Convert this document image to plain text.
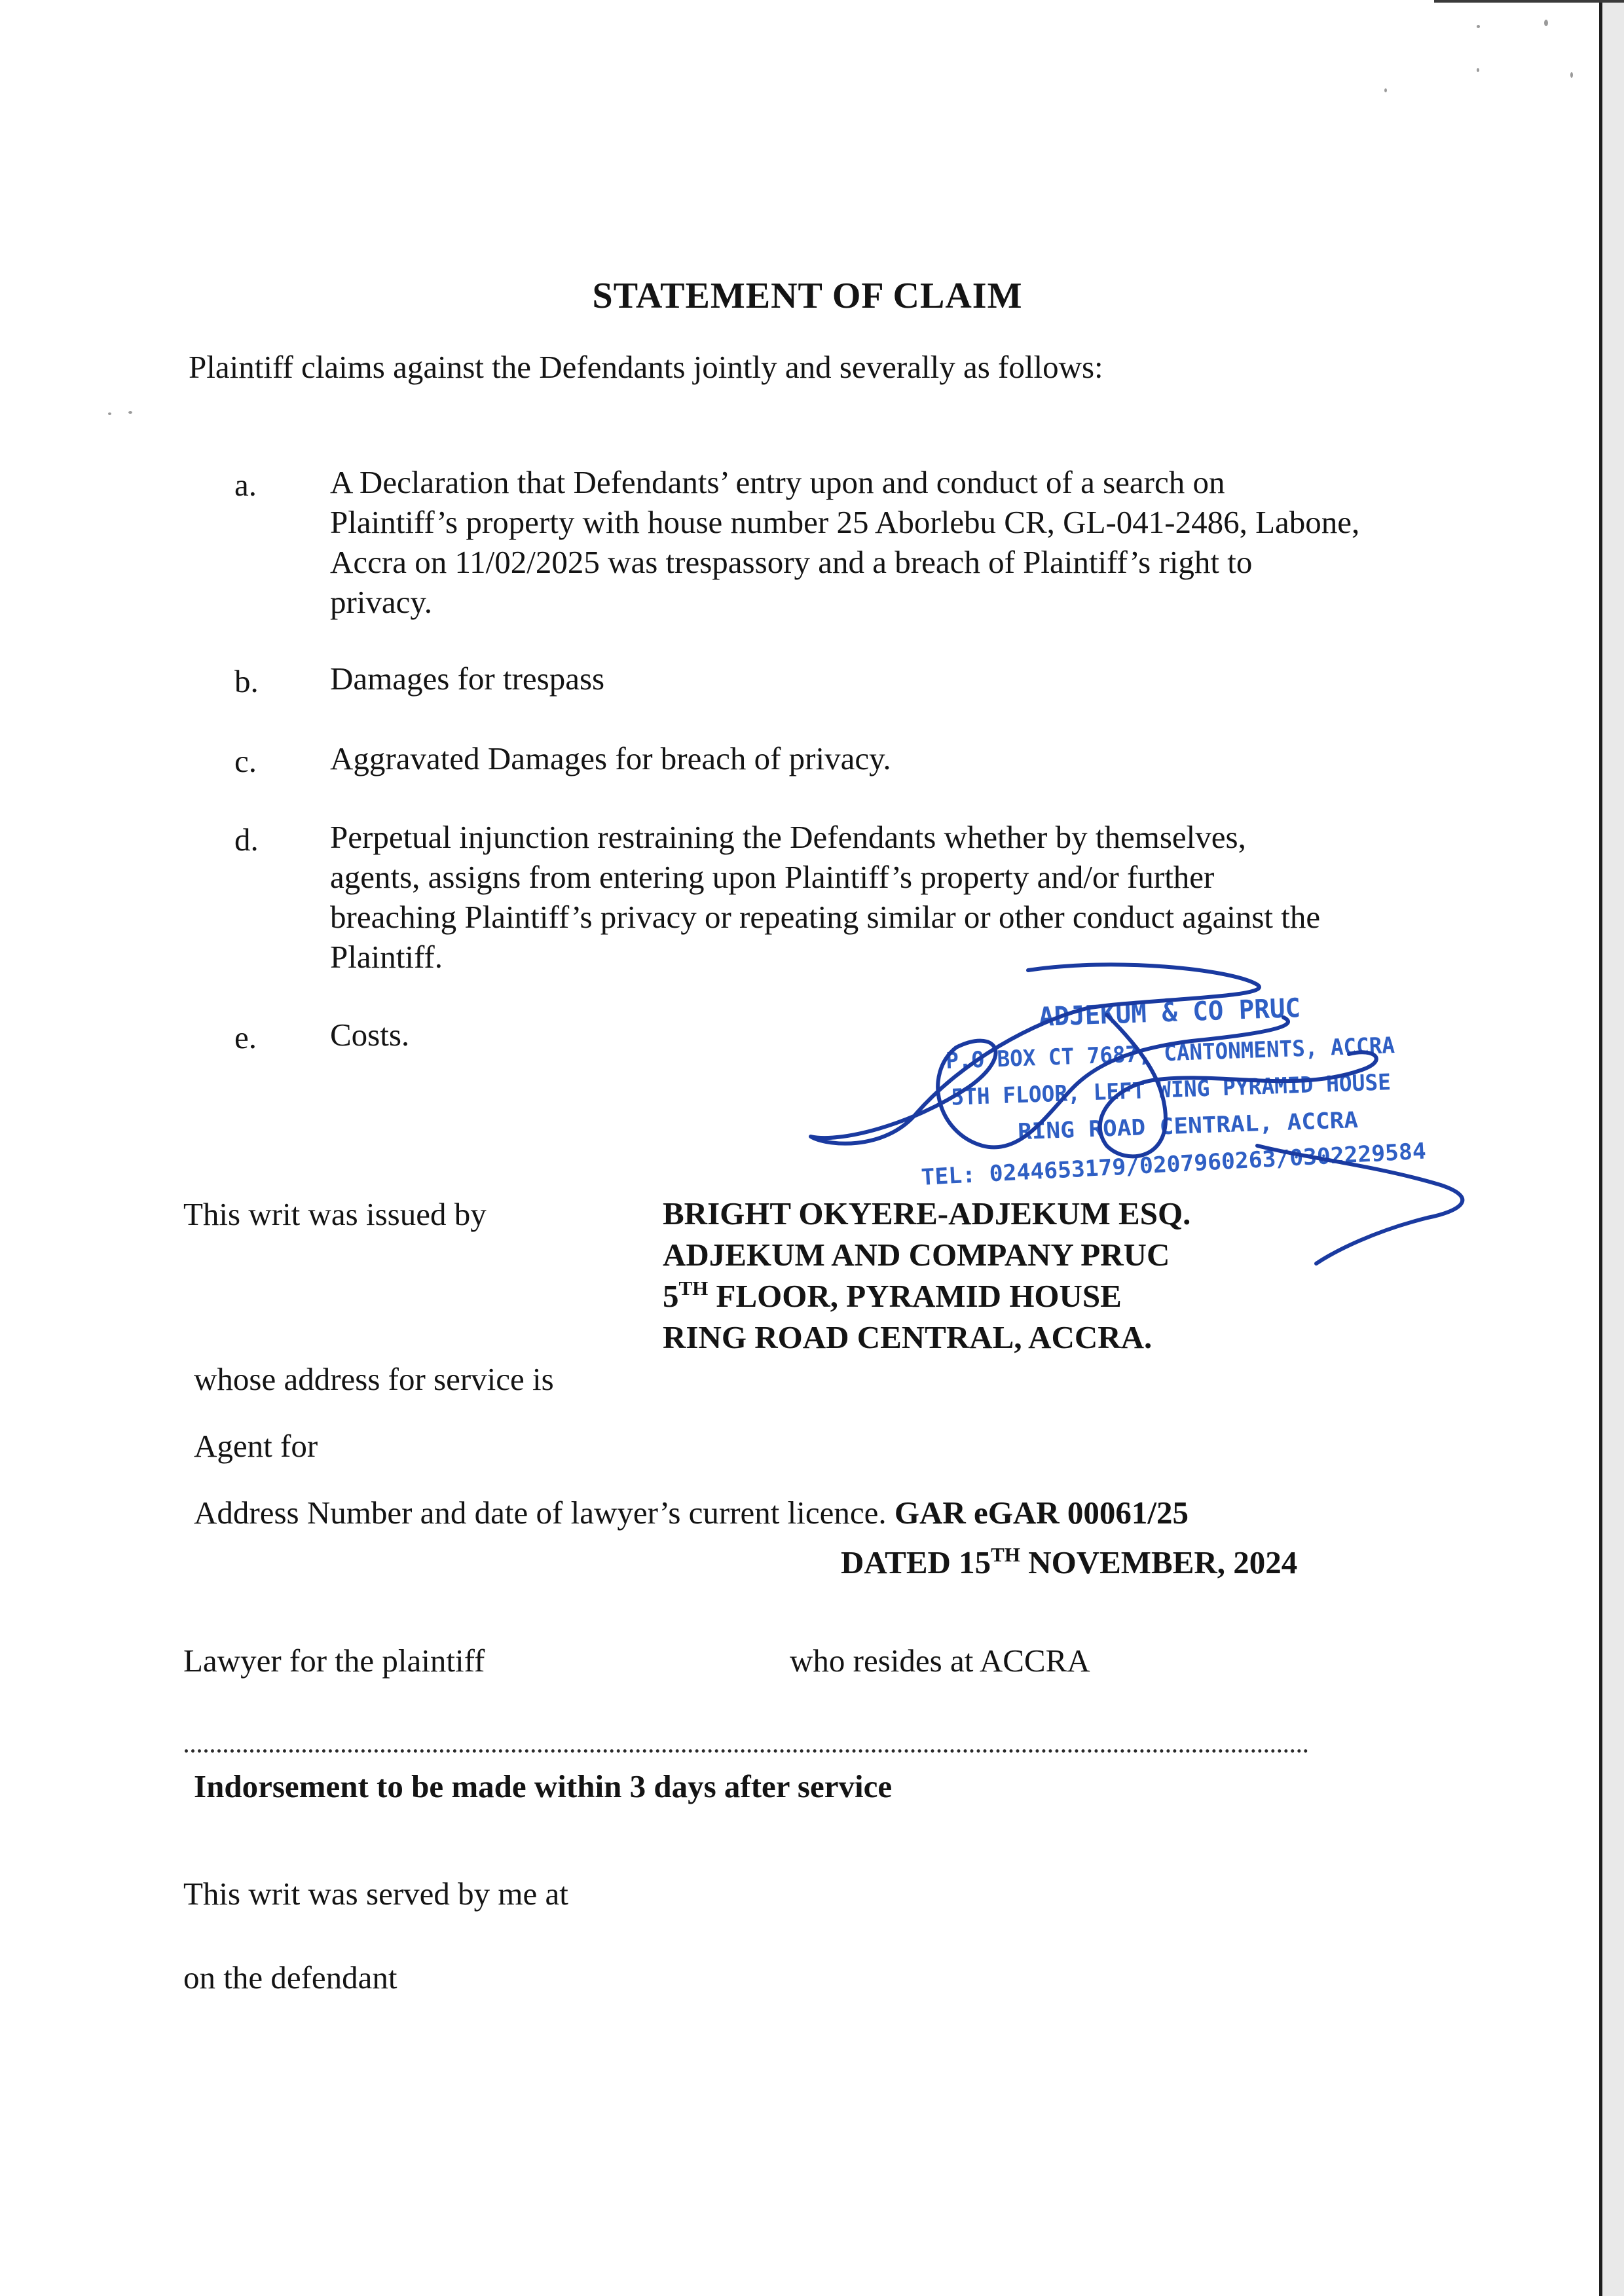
STATEMENT OF CLAIM
Plaintiff claims against the Defendants jointly and severally as follows:
a. A Declaration that Defendants’ entry upon and conduct of a search on
Plaintiff’s property with house number 25 Aborlebu CR, GL-041-2486, Labone,
Accra on 11/02/2025 was trespassory and a breach of Plaintiff’s right to
privacy.
b. Damages for trespass
c. Aggravated Damages for breach of privacy.
d. Perpetual injunction restraining the Defendants whether by themselves,
agents, assigns from entering upon Plaintiff’s property and/or further
breaching Plaintiff’s privacy or repeating similar or other conduct against the
Plaintiff.
e. Costs.
ADJEKUM & CO PRUC
P.O BOX CT 7687, CANTONMENTS, ACCRA
5TH FLOOR, LEFT WING PYRAMID HOUSE
RING ROAD CENTRAL, ACCRA
TEL: 0244653179/0207960263/0302229584
This writ was issued by	BRIGHT OKYERE-ADJEKUM ESQ.
ADJEKUM AND COMPANY PRUC
5TH FLOOR, PYRAMID HOUSE
RING ROAD CENTRAL, ACCRA.
whose address for service is
Agent for
Address Number and date of lawyer’s current licence. GAR eGAR 00061/25
DATED 15TH NOVEMBER, 2024
Lawyer for the plaintiff	who resides at ACCRA
Indorsement to be made within 3 days after service
This writ was served by me at
on the defendant
